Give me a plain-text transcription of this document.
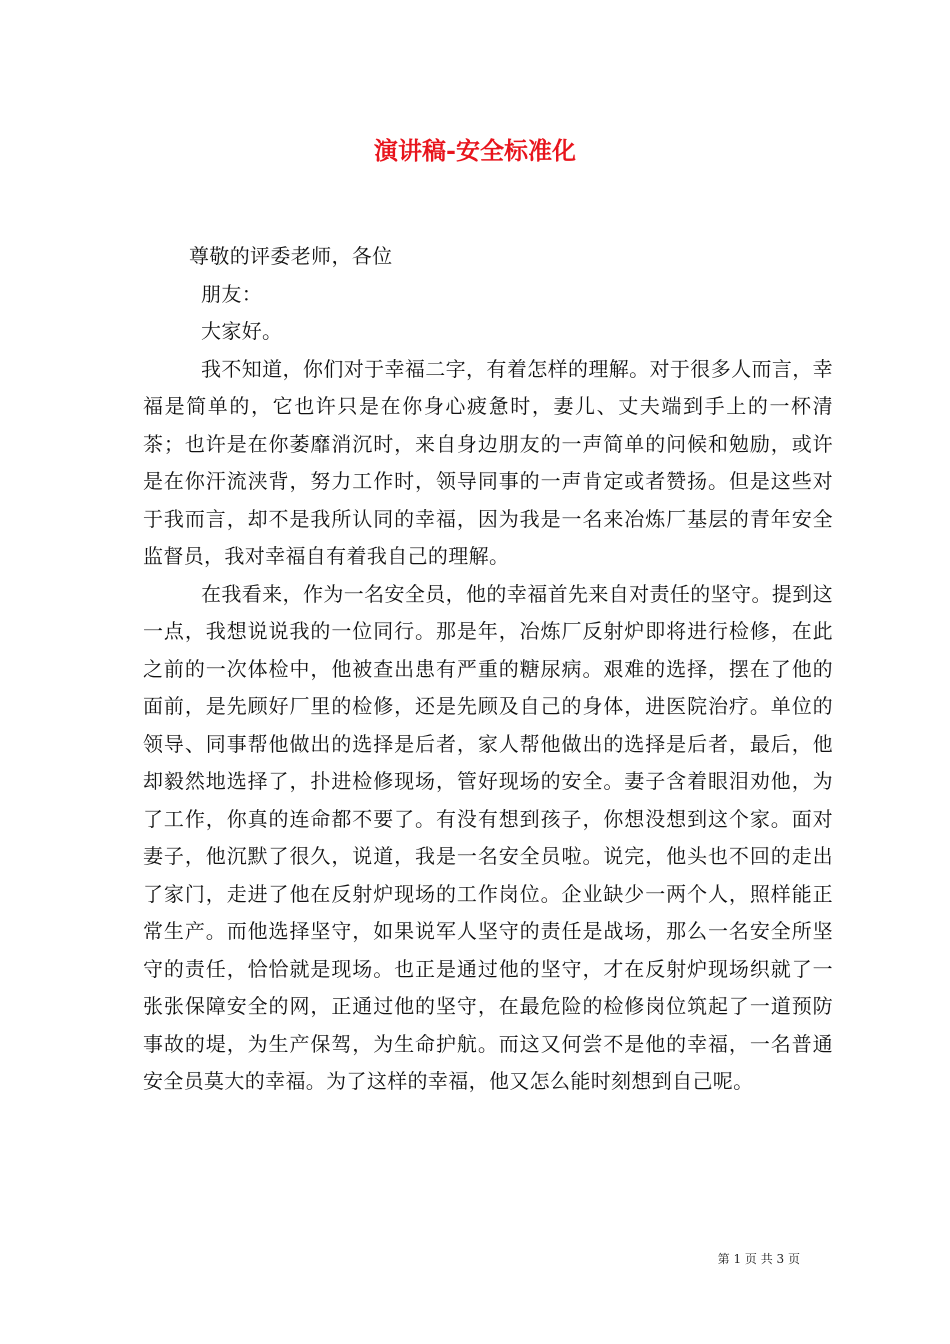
演讲稿-安全标准化

尊敬的评委老师，各位

朋友：

大家好。

我不知道，你们对于幸福二字，有着怎样的理解。对于很多人而言，幸福是简单的，它也许只是在你身心疲惫时，妻儿、丈夫端到手上的一杯清茶；也许是在你萎靡消沉时，来自身边朋友的一声简单的问候和勉励，或许是在你汗流浃背，努力工作时，领导同事的一声肯定或者赞扬。但是这些对于我而言，却不是我所认同的幸福，因为我是一名来冶炼厂基层的青年安全监督员，我对幸福自有着我自己的理解。

在我看来，作为一名安全员，他的幸福首先来自对责任的坚守。提到这一点，我想说说我的一位同行。那是年，冶炼厂反射炉即将进行检修，在此之前的一次体检中，他被查出患有严重的糖尿病。艰难的选择，摆在了他的面前，是先顾好厂里的检修，还是先顾及自己的身体，进医院治疗。单位的领导、同事帮他做出的选择是后者，家人帮他做出的选择是后者，最后，他却毅然地选择了，扑进检修现场，管好现场的安全。妻子含着眼泪劝他，为了工作，你真的连命都不要了。有没有想到孩子，你想没想到这个家。面对妻子，他沉默了很久，说道，我是一名安全员啦。说完，他头也不回的走出了家门，走进了他在反射炉现场的工作岗位。企业缺少一两个人，照样能正常生产。而他选择坚守，如果说军人坚守的责任是战场，那么一名安全所坚守的责任，恰恰就是现场。也正是通过他的坚守，才在反射炉现场织就了一张张保障安全的网，正通过他的坚守，在最危险的检修岗位筑起了一道预防事故的堤，为生产保驾，为生命护航。而这又何尝不是他的幸福，一名普通安全员莫大的幸福。为了这样的幸福，他又怎么能时刻想到自己呢。

第 1 页 共 3 页
